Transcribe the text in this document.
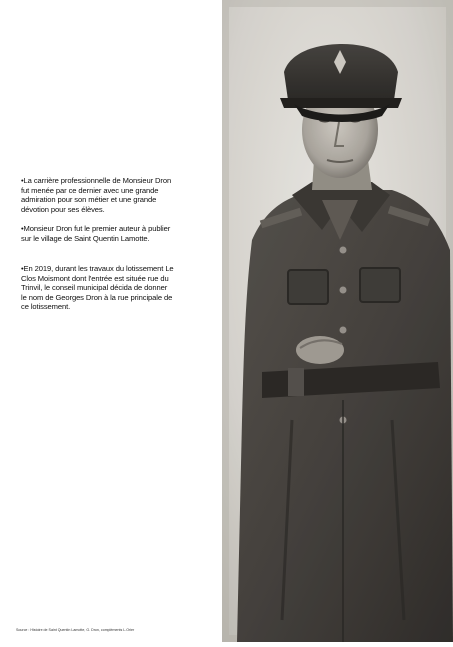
•La carrière professionnelle de Monsieur Dron
fut menée par ce dernier avec une grande
admiration pour son métier et une grande
dévotion pour ses élèves.

•Monsieur Dron fut le premier auteur à publier
sur le village de Saint Quentin Lamotte.

•En 2019, durant les travaux du lotissement Le
Clos Moismont dont l'entrée est située rue du
Trinvil, le conseil municipal décida de donner
le nom de Georges Dron à la rue principale de
ce lotissement.

Source : Histoire de Saint Quentin Lamotte, G. Dron, compléments L.Orier
